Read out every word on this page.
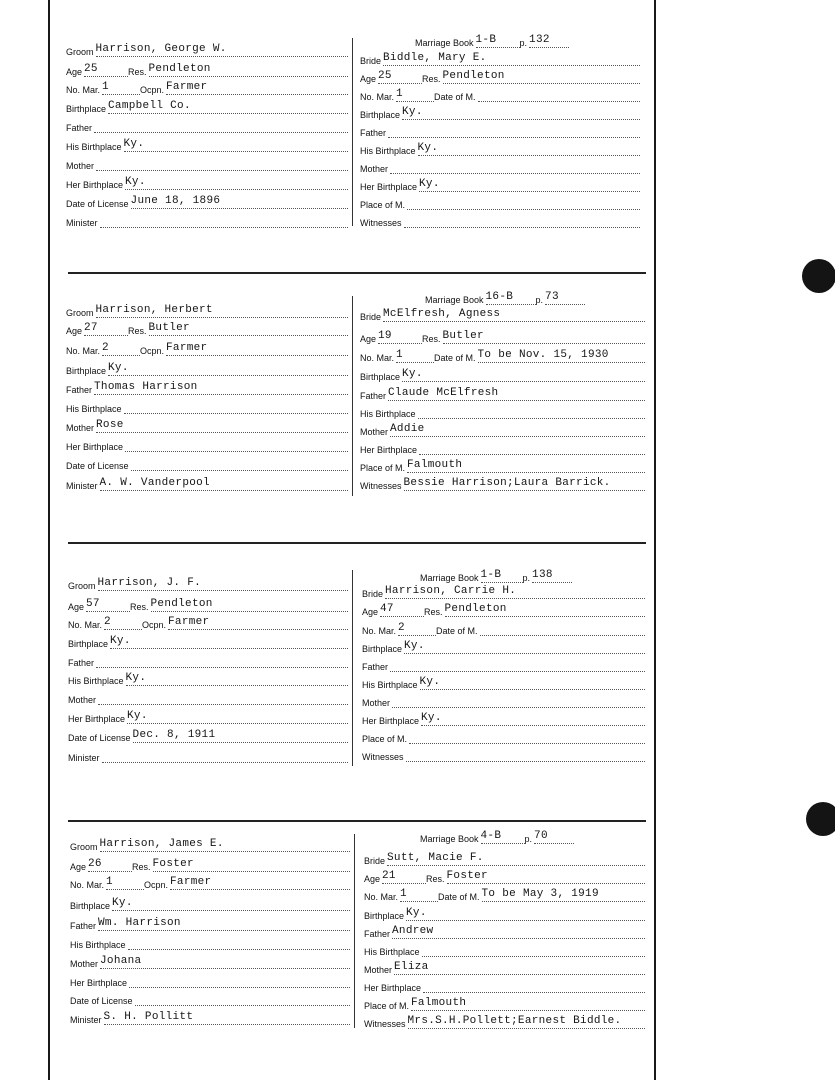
Marriage Book 1-B	p. 132
Groom Harrison, George W.
Age 25	Res. Pendleton
No. Mar. 1	Ocpn. Farmer
Birthplace Campbell Co.
Father
His Birthplace Ky.
Mother
Her Birthplace Ky.
Date of License June 18, 1896
Minister
Bride Biddle, Mary E.
Age 25	Res. Pendleton
No. Mar. 1	Date of M.
Birthplace Ky.
Father
His Birthplace Ky.
Mother
Her Birthplace Ky.
Place of M.
Witnesses
Marriage Book 16-B p. 73
Groom Harrison, Herbert
Age 27	Res. Butler
No. Mar. 2	Ocpn. Farmer
Birthplace Ky.
Father Thomas Harrison
His Birthplace
Mother Rose
Her Birthplace
Date of License
Minister A. W. Vanderpool
Bride McElfresh, Agness
Age 19	Res. Butler
No. Mar. 1	Date of M. To be Nov. 15, 1930
Birthplace Ky.
Father Claude McElfresh
His Birthplace
Mother Addie
Her Birthplace
Place of M. Falmouth
Witnesses Bessie Harrison;Laura Barrick.
Marriage Book 1-B p. 138
Groom Harrison, J. F.
Age 57	Res. Pendleton
No. Mar. 2	Ocpn. Farmer
Birthplace Ky.
Father
His Birthplace Ky.
Mother
Her Birthplace Ky.
Date of License Dec. 8, 1911
Minister
Bride Harrison, Carrie H.
Age 47	Res. Pendleton
No. Mar. 2	Date of M.
Birthplace Ky.
Father
His Birthplace Ky.
Mother
Her Birthplace Ky.
Place of M.
Witnesses
Marriage Book 4-B	p. 70
Groom Harrison, James E.
Age 26	Res. Foster
No. Mar. 1	Ocpn. Farmer
Birthplace Ky.
Father Wm. Harrison
His Birthplace
Mother Johana
Her Birthplace
Date of License
Minister S. H. Pollitt
Bride Sutt, Macie F.
Age 21	Res. Foster
No. Mar. 1	Date of M. To be May 3, 1919
Birthplace Ky.
Father Andrew
His Birthplace
Mother Eliza
Her Birthplace
Place of M. Falmouth
Witnesses Mrs.S.H.Pollett;Earnest Biddle.
